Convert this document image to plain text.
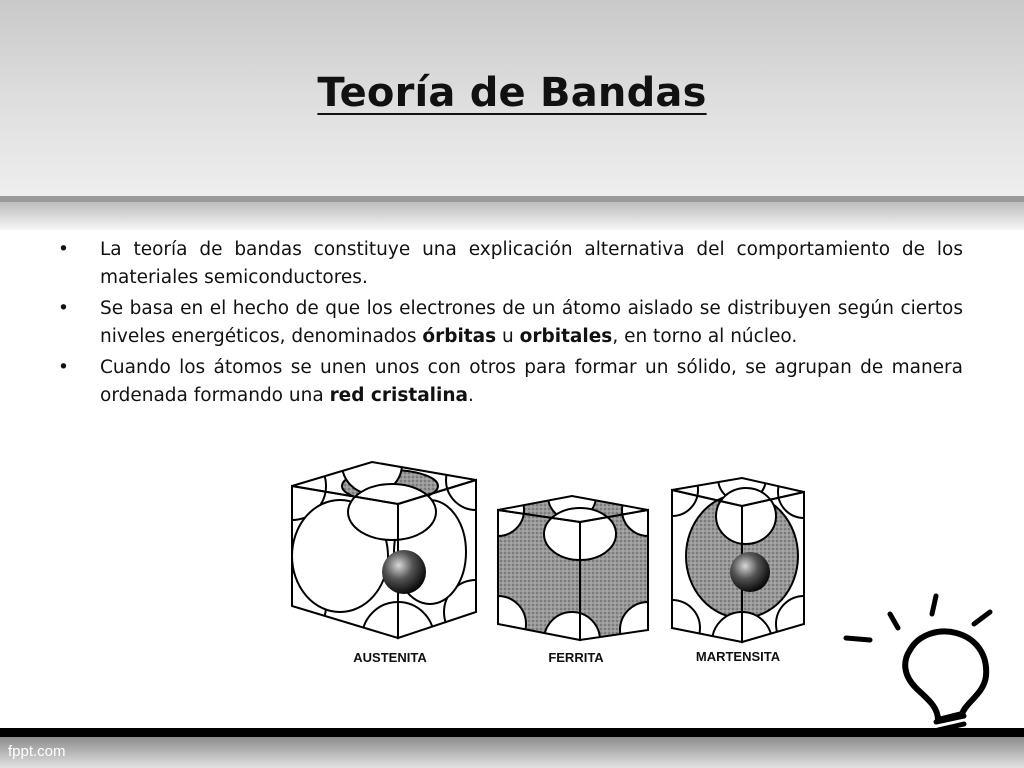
Teoría de Bandas
• La teoría de bandas constituye una explicación alternativa del comportamiento de los materiales semiconductores.
• Se basa en el hecho de que los electrones de un átomo aislado se distribuyen según ciertos niveles energéticos, denominados órbitas u orbitales, en torno al núcleo.
• Cuando los átomos se unen unos con otros para formar un sólido, se agrupan de manera ordenada formando una red cristalina.
AUSTENITA	FERRITA	MARTENSITA
fppt.com
